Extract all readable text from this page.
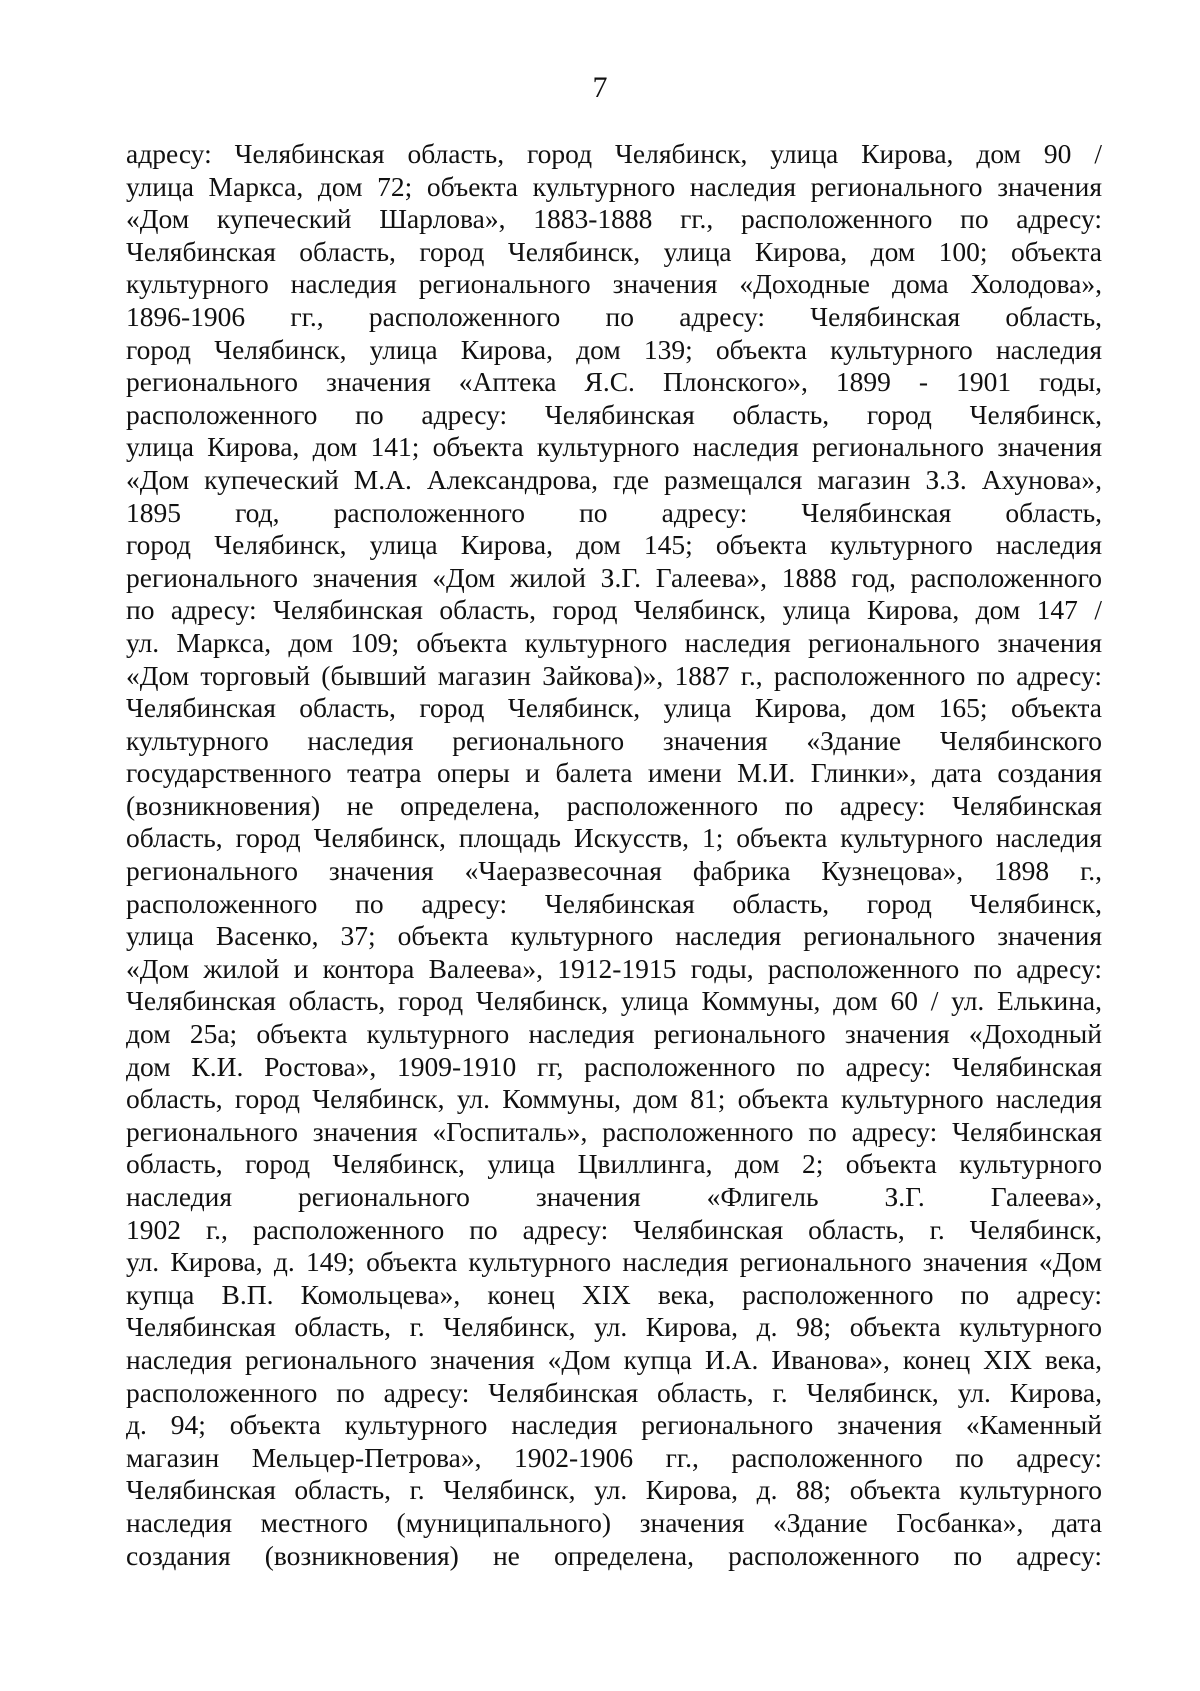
7
адресу: Челябинская область, город Челябинск, улица Кирова, дом 90 /
улица Маркса, дом 72; объекта культурного наследия регионального значения
«Дом купеческий Шарлова», 1883-1888 гг., расположенного по адресу:
Челябинская область, город Челябинск, улица Кирова, дом 100; объекта
культурного наследия регионального значения «Доходные дома Холодова»,
1896-1906 гг., расположенного по адресу: Челябинская область,
город Челябинск, улица Кирова, дом 139; объекта культурного наследия
регионального значения «Аптека Я.С. Плонского», 1899 - 1901 годы,
расположенного по адресу: Челябинская область, город Челябинск,
улица Кирова, дом 141; объекта культурного наследия регионального значения
«Дом купеческий М.А. Александрова, где размещался магазин З.З. Ахунова»,
1895 год, расположенного по адресу: Челябинская область,
город Челябинск, улица Кирова, дом 145; объекта культурного наследия
регионального значения «Дом жилой З.Г. Галеева», 1888 год, расположенного
по адресу: Челябинская область, город Челябинск, улица Кирова, дом 147 /
ул. Маркса, дом 109; объекта культурного наследия регионального значения
«Дом торговый (бывший магазин Зайкова)», 1887 г., расположенного по адресу:
Челябинская область, город Челябинск, улица Кирова, дом 165; объекта
культурного наследия регионального значения «Здание Челябинского
государственного театра оперы и балета имени М.И. Глинки», дата создания
(возникновения) не определена, расположенного по адресу: Челябинская
область, город Челябинск, площадь Искусств, 1; объекта культурного наследия
регионального значения «Чаеразвесочная фабрика Кузнецова», 1898 г.,
расположенного по адресу: Челябинская область, город Челябинск,
улица Васенко, 37; объекта культурного наследия регионального значения
«Дом жилой и контора Валеева», 1912-1915 годы, расположенного по адресу:
Челябинская область, город Челябинск, улица Коммуны, дом 60 / ул. Елькина,
дом 25а; объекта культурного наследия регионального значения «Доходный
дом К.И. Ростова», 1909-1910 гг, расположенного по адресу: Челябинская
область, город Челябинск, ул. Коммуны, дом 81; объекта культурного наследия
регионального значения «Госпиталь», расположенного по адресу: Челябинская
область, город Челябинск, улица Цвиллинга, дом 2; объекта культурного
наследия регионального значения «Флигель З.Г. Галеева»,
1902 г., расположенного по адресу: Челябинская область, г. Челябинск,
ул. Кирова, д. 149; объекта культурного наследия регионального значения «Дом
купца В.П. Комольцева», конец XIX века, расположенного по адресу:
Челябинская область, г. Челябинск, ул. Кирова, д. 98; объекта культурного
наследия регионального значения «Дом купца И.А. Иванова», конец XIX века,
расположенного по адресу: Челябинская область, г. Челябинск, ул. Кирова,
д. 94; объекта культурного наследия регионального значения «Каменный
магазин Мельцер-Петрова», 1902-1906 гг., расположенного по адресу:
Челябинская область, г. Челябинск, ул. Кирова, д. 88; объекта культурного
наследия местного (муниципального) значения «Здание Госбанка», дата
создания (возникновения) не определена, расположенного по адресу:
